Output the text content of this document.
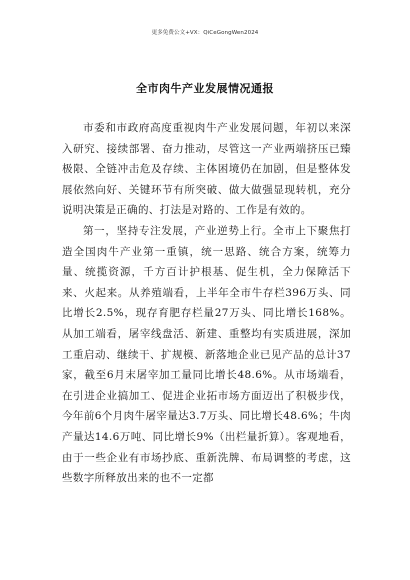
更多免费公文+VX：QiCeGongWen2024
全市肉牛产业发展情况通报

市委和市政府高度重视肉牛产业发展问题，年初以来深入研究、接续部署、奋力推动，尽管这一产业两端挤压已臻极限、全链冲击危及存续、主体困境仍在加剧，但是整体发展依然向好、关键环节有所突破、做大做强显现转机，充分说明决策是正确的、打法是对路的、工作是有效的。

第一，坚持专注发展，产业逆势上行。全市上下聚焦打造全国肉牛产业第一重镇，统一思路、统合方案，统筹力量、统揽资源，千方百计护根基、促生机，全力保障活下来、火起来。从养殖端看，上半年全市牛存栏396万头、同比增长2.5%，现存育肥存栏量27万头、同比增长168%。从加工端看，屠宰线盘活、新建、重整均有实质进展，深加工重启动、继续干、扩规模、新落地企业已见产品的总计37家，截至6月末屠宰加工量同比增长48.6%。从市场端看，在引进企业搞加工、促进企业拓市场方面迈出了积极步伐，今年前6个月肉牛屠宰量达3.7万头、同比增长48.6%；牛肉产量达14.6万吨、同比增长9%（出栏量折算）。客观地看，由于一些企业有市场抄底、重新洗牌、布局调整的考虑，这些数字所释放出来的也不一定都
